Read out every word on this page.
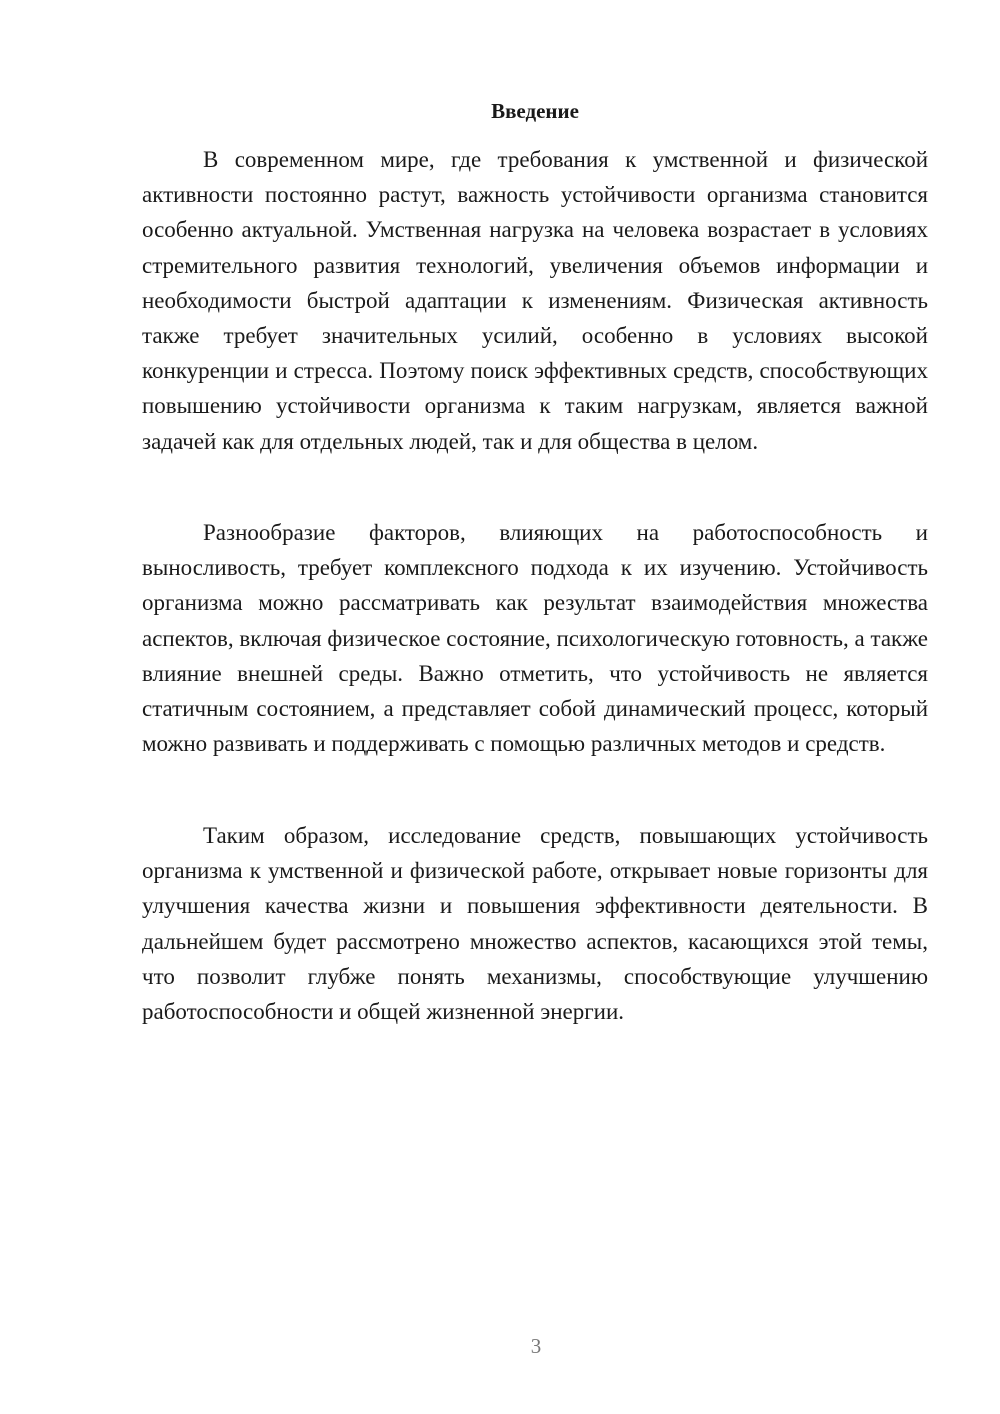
Введение

В современном мире, где требования к умственной и физической активности постоянно растут, важность устойчивости организма становится особенно актуальной. Умственная нагрузка на человека возрастает в условиях стремительного развития технологий, увеличения объемов информации и необходимости быстрой адаптации к изменениям. Физическая активность также требует значительных усилий, особенно в условиях высокой конкуренции и стресса. Поэтому поиск эффективных средств, способствующих повышению устойчивости организма к таким нагрузкам, является важной задачей как для отдельных людей, так и для общества в целом.

Разнообразие факторов, влияющих на работоспособность и выносливость, требует комплексного подхода к их изучению. Устойчивость организма можно рассматривать как результат взаимодействия множества аспектов, включая физическое состояние, психологическую готовность, а также влияние внешней среды. Важно отметить, что устойчивость не является статичным состоянием, а представляет собой динамический процесс, который можно развивать и поддерживать с помощью различных методов и средств.

Таким образом, исследование средств, повышающих устойчивость организма к умственной и физической работе, открывает новые горизонты для улучшения качества жизни и повышения эффективности деятельности. В дальнейшем будет рассмотрено множество аспектов, касающихся этой темы, что позволит глубже понять механизмы, способствующие улучшению работоспособности и общей жизненной энергии.

3
